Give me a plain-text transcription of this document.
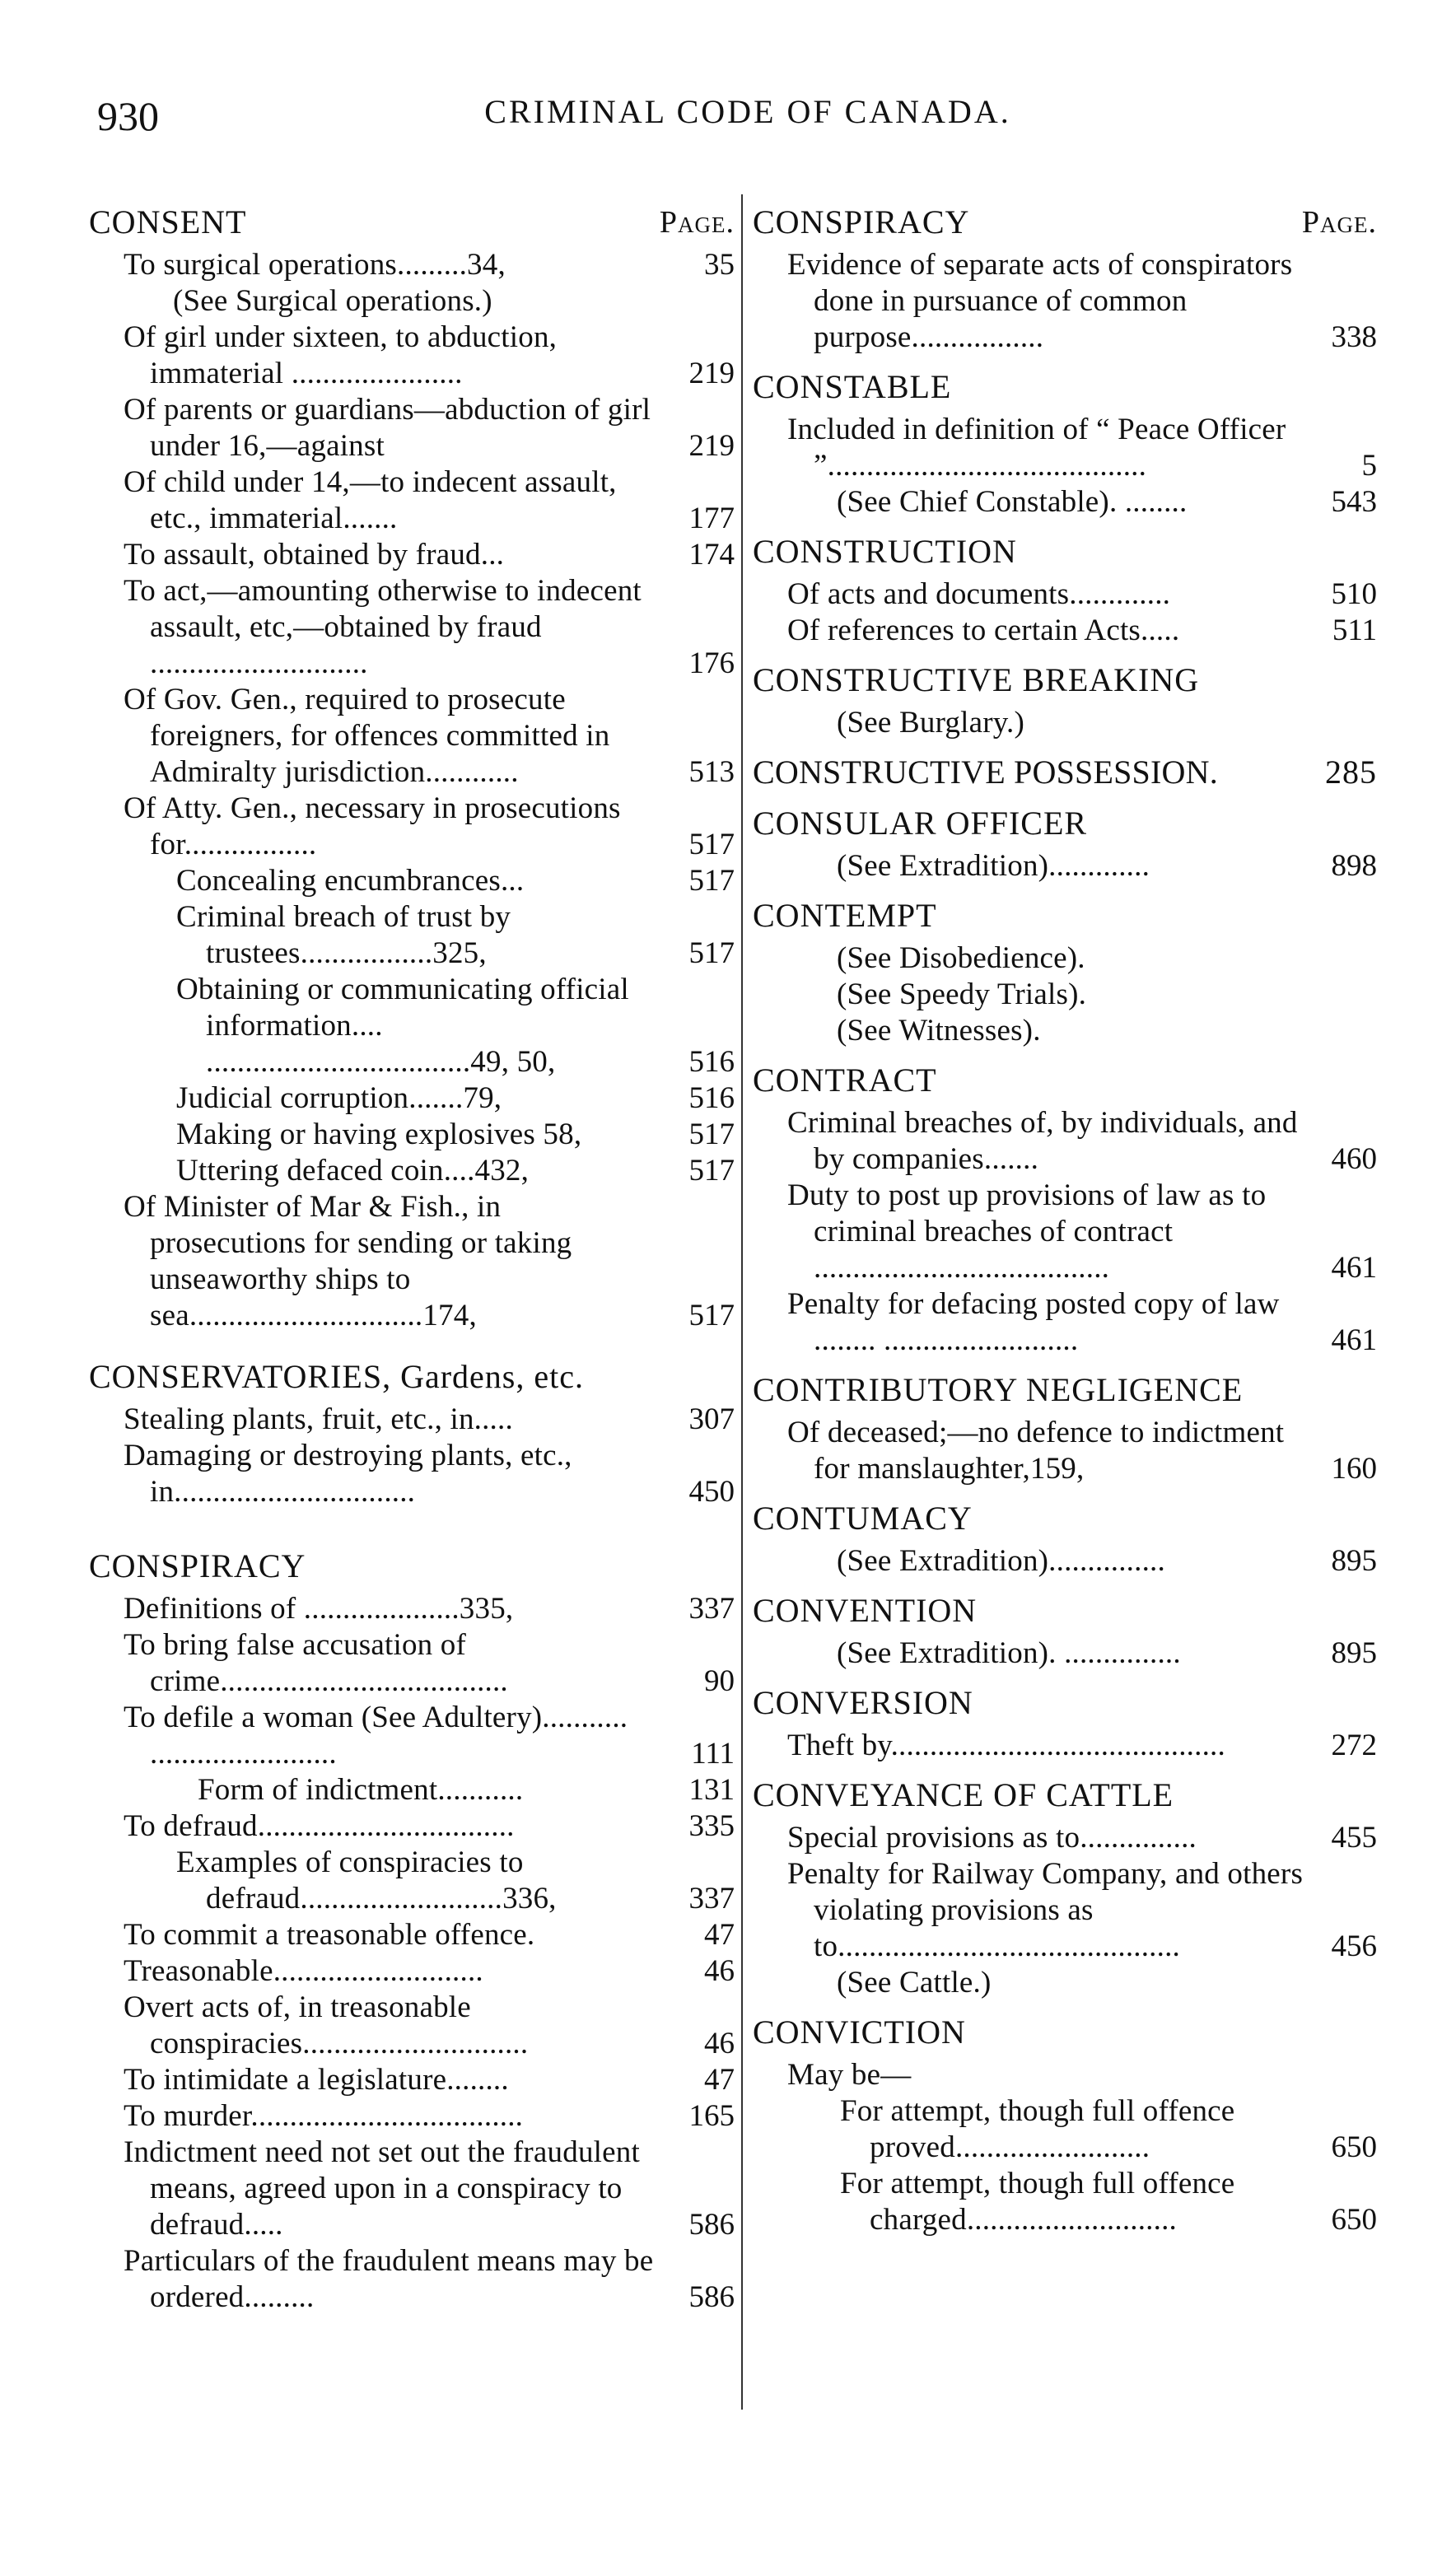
930	CRIMINAL CODE OF CANADA.
CONSENT	Page.
To surgical operations.........34,	35
(See Surgical operations.)
Of girl under sixteen, to abduction, immaterial ......................	219
Of parents or guardians—abduction of girl under 16,—against	219
Of child under 14,—to indecent assault, etc., immaterial.......	177
To assault, obtained by fraud...	174
To act,—amounting otherwise to indecent assault, etc,—obtained by fraud ............................	176
Of Gov. Gen., required to prosecute foreigners, for offences committed in Admiralty jurisdiction............	513
Of Atty. Gen., necessary in prosecutions for.................	517
Concealing encumbrances...	517
Criminal breach of trust by trustees.................325,	517
Obtaining or communicating official information.... ..................................49, 50,	516
Judicial corruption.......79,	516
Making or having explosives 58,	517
Uttering defaced coin....432,	517
Of Minister of Mar & Fish., in prosecutions for sending or taking unseaworthy ships to sea..............................174,	517
CONSERVATORIES, Gardens, etc.
Stealing plants, fruit, etc., in.....	307
Damaging or destroying plants, etc., in...............................	450
CONSPIRACY
Definitions of ....................335,	337
To bring false accusation of crime.....................................	90
To defile a woman (See Adultery)........... ........................	111
Form of indictment...........	131
To defraud.................................	335
Examples of conspiracies to defraud..........................336,	337
To commit a treasonable offence.	47
Treasonable...........................	46
Overt acts of, in treasonable conspiracies.............................	46
To intimidate a legislature........	47
To murder...................................	165
Indictment need not set out the fraudulent means, agreed upon in a conspiracy to defraud.....	586
Particulars of the fraudulent means may be ordered.........	586
CONSPIRACY	Page.
Evidence of separate acts of conspirators done in pursuance of common purpose.................	338
CONSTABLE
Included in definition of “ Peace Officer ”.........................................	5
(See Chief Constable). ........	543
CONSTRUCTION
Of acts and documents.............	510
Of references to certain Acts.....	511
CONSTRUCTIVE BREAKING
(See Burglary.)
CONSTRUCTIVE POSSESSION.	285
CONSULAR OFFICER
(See Extradition).............	898
CONTEMPT
(See Disobedience).
(See Speedy Trials).
(See Witnesses).
CONTRACT
Criminal breaches of, by individuals, and by companies.......	460
Duty to post up provisions of law as to criminal breaches of contract ......................................	461
Penalty for defacing posted copy of law ........ .........................	461
CONTRIBUTORY NEGLIGENCE
Of deceased;—no defence to indictment for manslaughter,159,	160
CONTUMACY
(See Extradition)...............	895
CONVENTION
(See Extradition). ...............	895
CONVERSION
Theft by...........................................	272
CONVEYANCE OF CATTLE
Special provisions as to...............	455
Penalty for Railway Company, and others violating provisions as to............................................	456
(See Cattle.)
CONVICTION
May be—
For attempt, though full offence proved.........................	650
For attempt, though full offence charged...........................	650
